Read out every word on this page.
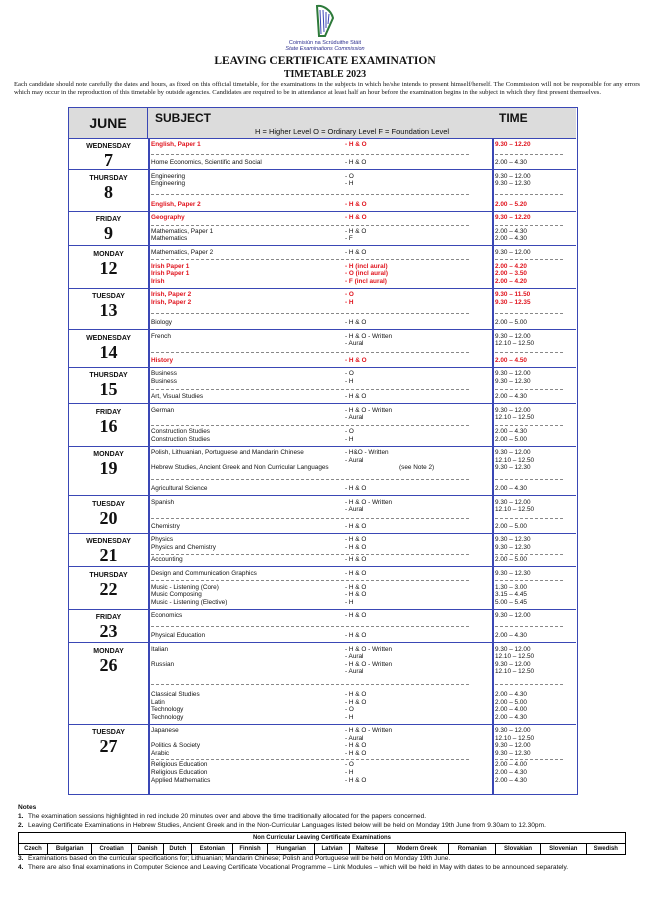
Coimisiún na Scrúduithe Stáit
State Examinations Commission
LEAVING CERTIFICATE EXAMINATION
TIMETABLE 2023
Each candidate should note carefully the dates and hours, as fixed on this official timetable, for the examinations in the subjects in which he/she intends to present himself/herself. The Commission will not be responsible for any errors which may occur in the reproduction of this timetable by outside agencies. Candidates are required to be in attendance at least half an hour before the examination begins in the subject in which they first present themselves.
JUNE	SUBJECT	TIME
H = Higher Level O = Ordinary Level F = Foundation Level
WEDNESDAY
7
English, Paper 1	- H & O	9.30 – 12.20
Home Economics, Scientific and Social	- H & O	2.00 – 4.30
THURSDAY
8
Engineering	- O	9.30 – 12.00
Engineering	- H	9.30 – 12.30
English, Paper 2	- H & O	2.00 – 5.20
FRIDAY
9
Geography	- H & O	9.30 – 12.20
Mathematics, Paper 1	- H & O	2.00 – 4.30
Mathematics	- F	2.00 – 4.30
MONDAY
12
Mathematics, Paper 2	- H & O	9.30 – 12.00
Irish Paper 1	- H (incl aural)	2.00 – 4.20
Irish Paper 1	- O (incl aural)	2.00 – 3.50
Irish	- F (incl aural)	2.00 – 4.20
TUESDAY
13
Irish, Paper 2	- O	9.30 – 11.50
Irish, Paper 2	- H	9.30 – 12.35
Biology	- H & O	2.00 – 5.00
WEDNESDAY
14
French	- H & O - Written	9.30 – 12.00
- Aural	12.10 – 12.50
History	- H & O	2.00 – 4.50
THURSDAY
15
Business	- O	9.30 – 12.00
Business	- H	9.30 – 12.30
Art, Visual Studies	- H & O	2.00 – 4.30
FRIDAY
16
German	- H & O - Written	9.30 – 12.00
- Aural	12.10 – 12.50
Construction Studies	- O	2.00 – 4.30
Construction Studies	- H	2.00 – 5.00
MONDAY
19
Polish, Lithuanian, Portuguese and Mandarin Chinese	- H&O - Written	9.30 – 12.00
- Aural	12.10 – 12.50
Hebrew Studies, Ancient Greek and Non Curricular Languages	(see Note 2)	9.30 – 12.30
Agricultural Science	- H & O	2.00 – 4.30
TUESDAY
20
Spanish	- H & O - Written	9.30 – 12.00
- Aural	12.10 – 12.50
Chemistry	- H & O	2.00 – 5.00
WEDNESDAY
21
Physics	- H & O	9.30 – 12.30
Physics and Chemistry	- H & O	9.30 – 12.30
Accounting	- H & O	2.00 – 5.00
THURSDAY
22
Design and Communication Graphics	- H & O	9.30 – 12.30
Music - Listening (Core)	- H & O	1.30 – 3.00
Music Composing	- H & O	3.15 – 4.45
Music - Listening (Elective)	- H	5.00 – 5.45
FRIDAY
23
Economics	- H & O	9.30 – 12.00
Physical Education	- H & O	2.00 – 4.30
MONDAY
26
Italian	- H & O - Written	9.30 – 12.00
- Aural	12.10 – 12.50
Russian	- H & O - Written	9.30 – 12.00
- Aural	12.10 – 12.50
Classical Studies	- H & O	2.00 – 4.30
Latin	- H & O	2.00 – 5.00
Technology	- O	2.00 – 4.00
Technology	- H	2.00 – 4.30
TUESDAY
27
Japanese	- H & O - Written	9.30 – 12.00
- Aural	12.10 – 12.50
Politics & Society	- H & O	9.30 – 12.00
Arabic	- H & O	9.30 – 12.30
Religious Education	- O	2.00 – 4.00
Religious Education	- H	2.00 – 4.30
Applied Mathematics	- H & O	2.00 – 4.30
Notes
1. The examination sessions highlighted in red include 20 minutes over and above the time traditionally allocated for the papers concerned.
2. Leaving Certificate Examinations in Hebrew Studies, Ancient Greek and in the Non-Curricular Languages listed below will be held on Monday 19th June from 9.30am to 12.30pm.
Non Curricular Leaving Certificate Examinations
Czech	Bulgarian	Croatian	Danish	Dutch	Estonian	Finnish	Hungarian	Latvian	Maltese	Modern Greek	Romanian	Slovakian	Slovenian	Swedish
3. Examinations based on the curricular specifications for; Lithuanian; Mandarin Chinese; Polish and Portuguese will be held on Monday 19th June.
4. There are also final examinations in Computer Science and Leaving Certificate Vocational Programme – Link Modules – which will be held in May with dates to be announced separately.
